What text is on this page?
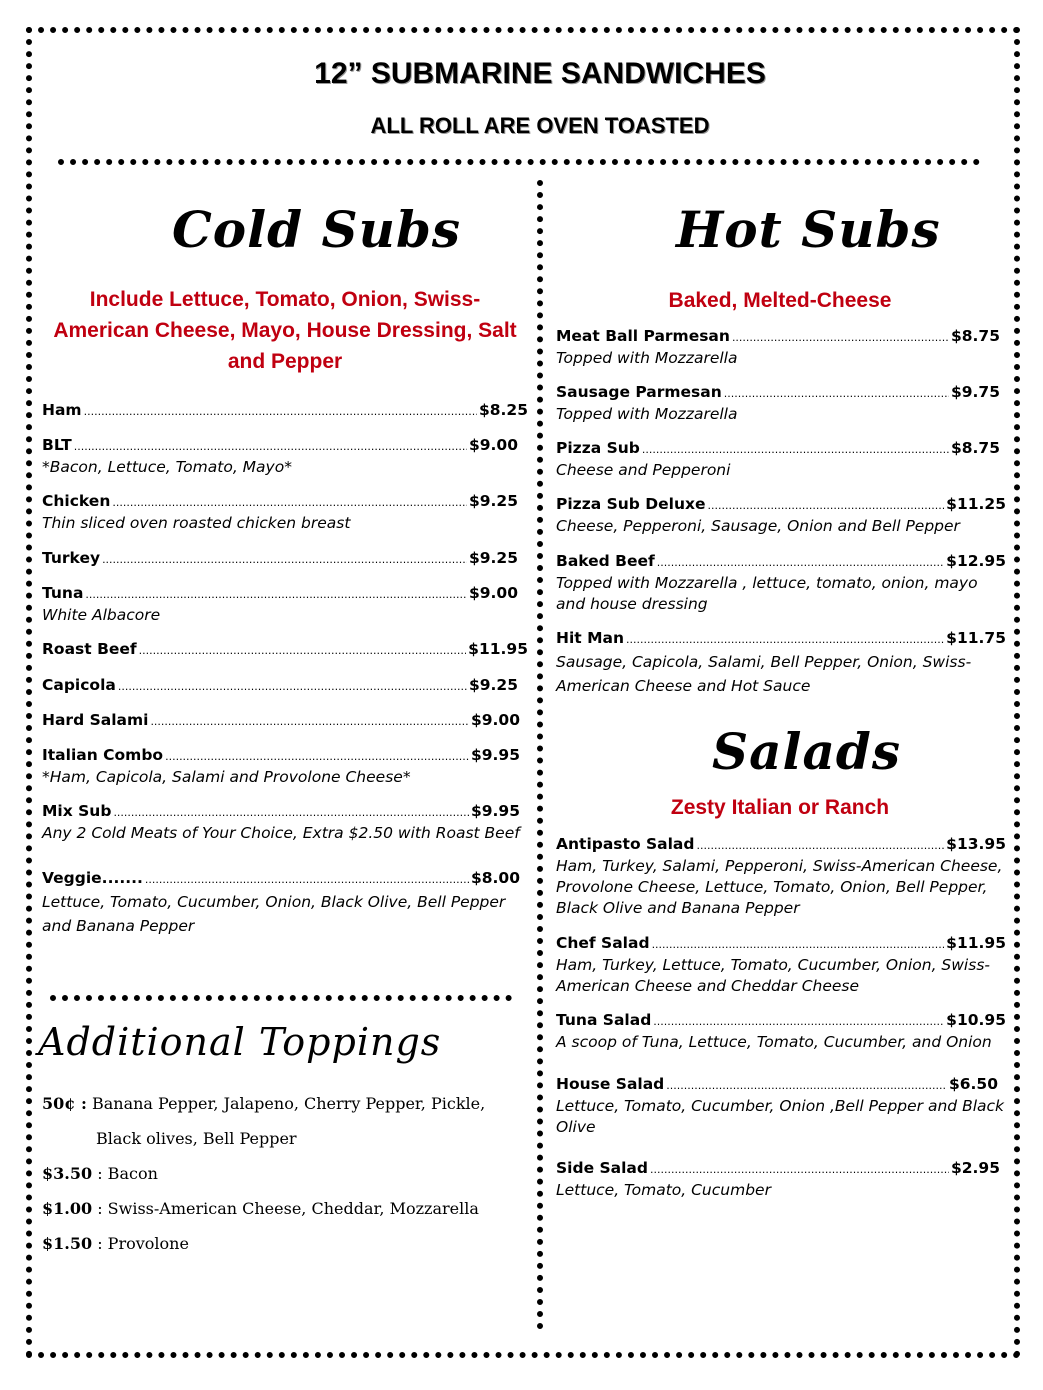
12” SUBMARINE SANDWICHES
ALL ROLL ARE OVEN TOASTED
Cold Subs
Include Lettuce, Tomato, Onion, Swiss-American Cheese, Mayo, House Dressing, Salt and Pepper
Ham .....	$8.25
BLT .....	$9.00
*Bacon, Lettuce, Tomato, Mayo*
Chicken .....	$9.25
Thin sliced oven roasted chicken breast
Turkey .....	$9.25
Tuna .....	$9.00
White Albacore
Roast Beef .....	$11.95
Capicola .....	$9.25
Hard Salami .....	$9.00
Italian Combo .....	$9.95
*Ham, Capicola, Salami and Provolone Cheese*
Mix Sub .....	$9.95
Any 2 Cold Meats of Your Choice, Extra $2.50 with Roast Beef
Veggie....... .....	$8.00
Lettuce, Tomato, Cucumber, Onion, Black Olive, Bell Pepper and Banana Pepper
Additional Toppings
50¢ : Banana Pepper, Jalapeno, Cherry Pepper, Pickle,
Black olives, Bell Pepper
$3.50 : Bacon
$1.00 : Swiss-American Cheese, Cheddar, Mozzarella
$1.50 : Provolone
Hot Subs
Baked, Melted-Cheese
Meat Ball Parmesan .....	$8.75
Topped with Mozzarella
Sausage Parmesan .....	$9.75
Topped with Mozzarella
Pizza Sub .....	$8.75
Cheese and Pepperoni
Pizza Sub Deluxe .....	$11.25
Cheese, Pepperoni, Sausage, Onion and Bell Pepper
Baked Beef .....	$12.95
Topped with Mozzarella , lettuce, tomato, onion, mayo and house dressing
Hit Man .....	$11.75
Sausage, Capicola, Salami, Bell Pepper, Onion, Swiss-American Cheese and Hot Sauce
Salads
Zesty Italian or Ranch
Antipasto Salad .....	$13.95
Ham, Turkey, Salami, Pepperoni, Swiss-American Cheese, Provolone Cheese, Lettuce, Tomato, Onion, Bell Pepper, Black Olive and Banana Pepper
Chef Salad .....	$11.95
Ham, Turkey, Lettuce, Tomato, Cucumber, Onion, Swiss-American Cheese and Cheddar Cheese
Tuna Salad .....	$10.95
A scoop of Tuna, Lettuce, Tomato, Cucumber, and Onion
House Salad .....	$6.50
Lettuce, Tomato, Cucumber, Onion ,Bell Pepper and Black Olive
Side Salad .....	$2.95
Lettuce, Tomato, Cucumber
